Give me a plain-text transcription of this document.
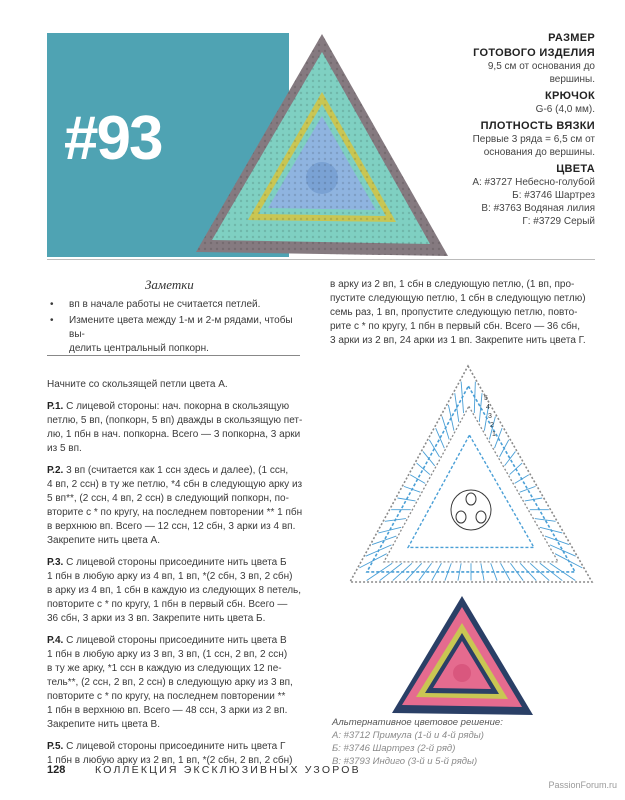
#93
РАЗМЕР
ГОТОВОГО ИЗДЕЛИЯ

9,5 см от основания до
вершины.

КРЮЧОК

G-6 (4,0 мм).

ПЛОТНОСТЬ ВЯЗКИ

Первые 3 ряда = 6,5 см от
основания до вершины.

ЦВЕТА

А: #3727 Небесно-голубой
Б: #3746 Шартрез
В: #3763 Водяная лилия
Г: #3729 Серый

Заметки
• вп в начале работы не считается петлей.
• Измените цвета между 1-м и 2-м рядами, чтобы вы-
делить центральный попкорн.
в арку из 2 вп, 1 сбн в следующую петлю, (1 вп, про-
пустите следующую петлю, 1 сбн в следующую петлю)
семь раз, 1 вп, пропустите следующую петлю, повто-
рите с * по кругу, 1 пбн в первый сбн. Всего — 36 сбн,
3 арки из 2 вп, 24 арки из 1 вп. Закрепите нить цвета Г.

Начните со скользящей петли цвета А.

Р.1. С лицевой стороны: нач. покорна в скользящую
петлю, 5 вп, (попкорн, 5 вп) дважды в скользящую пет-
лю, 1 пбн в нач. попкорна. Всего — 3 попкорна, 3 арки
из 5 вп.

Р.2. 3 вп (считается как 1 ссн здесь и далее), (1 ссн,
4 вп, 2 ссн) в ту же петлю, *4 сбн в следующую арку из
5 вп**, (2 ссн, 4 вп, 2 ссн) в следующий попкорн, по-
вторите с * по кругу, на последнем повторении ** 1 пбн
в верхнюю вп. Всего — 12 ссн, 12 сбн, 3 арки из 4 вп.
Закрепите нить цвета А.

Р.3. С лицевой стороны присоедините нить цвета Б
1 пбн в любую арку из 4 вп, 1 вп, *(2 сбн, 3 вп, 2 сбн)
в арку из 4 вп, 1 сбн в каждую из следующих 8 петель,
повторите с * по кругу, 1 пбн в первый сбн. Всего —
36 сбн, 3 арки из 3 вп. Закрепите нить цвета Б.

Р.4. С лицевой стороны присоедините нить цвета В
1 пбн в любую арку из 3 вп, 3 вп, (1 ссн, 2 вп, 2 ссн)
в ту же арку, *1 ссн в каждую из следующих 12 пе-
тель**, (2 ссн, 2 вп, 2 ссн) в следующую арку из 3 вп,
повторите с * по кругу, на последнем повторении **
1 пбн в верхнюю вп. Всего — 48 ссн, 3 арки из 2 вп.
Закрепите нить цвета В.

Р.5. С лицевой стороны присоедините нить цвета Г
1 пбн в любую арку из 2 вп, 1 вп, *(2 сбн, 2 вп, 2 сбн)

5
4
3
2
1
Альтернативное цветовое решение:
А: #3712 Примула (1-й и 4-й ряды)
Б: #3746 Шартрез (2-й ряд)
В: #3793 Индиго (3-й и 5-й ряды)
128	КОЛЛЕКЦИЯ ЭКСКЛЮЗИВНЫХ УЗОРОВ
PassionForum.ru
